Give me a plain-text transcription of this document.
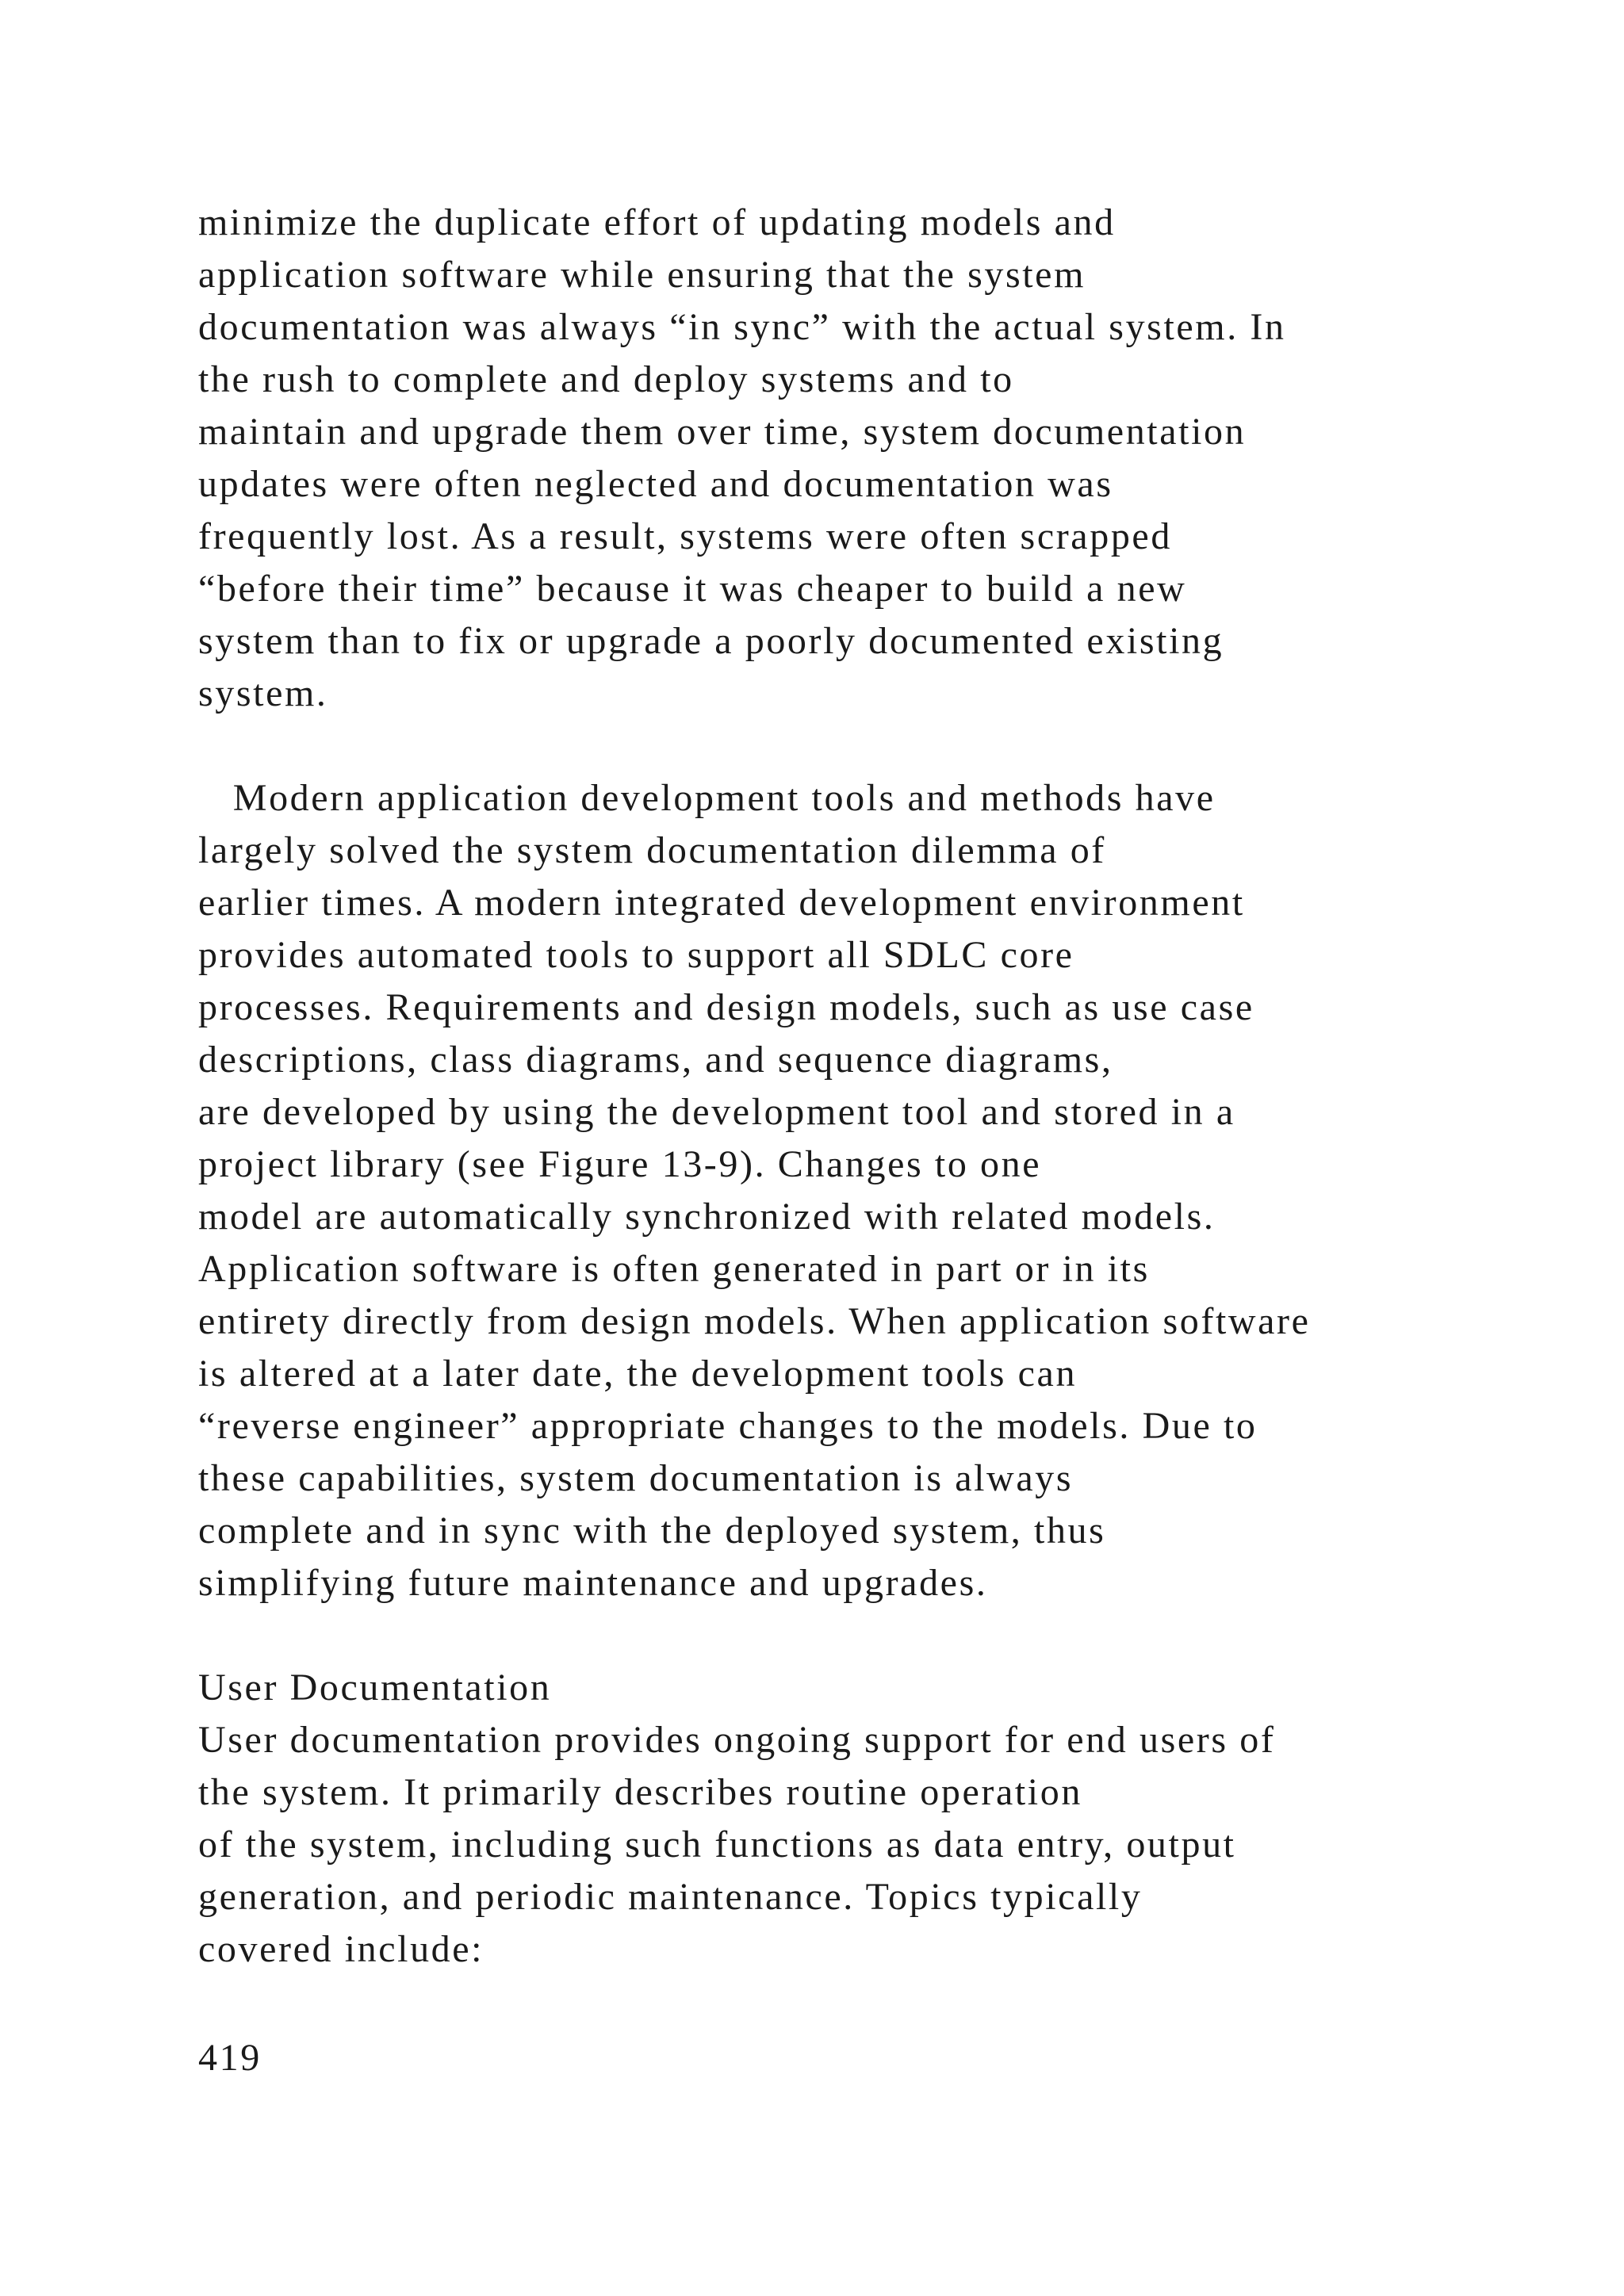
minimize the duplicate effort of updating models and
application software while ensuring that the system
documentation was always “in sync” with the actual system. In
the rush to complete and deploy systems and to
maintain and upgrade them over time, system documentation
updates were often neglected and documentation was
frequently lost. As a result, systems were often scrapped
“before their time” because it was cheaper to build a new
system than to fix or upgrade a poorly documented existing
system.
Modern application development tools and methods have
largely solved the system documentation dilemma of
earlier times. A modern integrated development environment
provides automated tools to support all SDLC core
processes. Requirements and design models, such as use case
descriptions, class diagrams, and sequence diagrams,
are developed by using the development tool and stored in a
project library (see Figure 13-9). Changes to one
model are automatically synchronized with related models.
Application software is often generated in part or in its
entirety directly from design models. When application software
is altered at a later date, the development tools can
“reverse engineer” appropriate changes to the models. Due to
these capabilities, system documentation is always
complete and in sync with the deployed system, thus
simplifying future maintenance and upgrades.
User Documentation
User documentation provides ongoing support for end users of
the system. It primarily describes routine operation
of the system, including such functions as data entry, output
generation, and periodic maintenance. Topics typically
covered include:
419
